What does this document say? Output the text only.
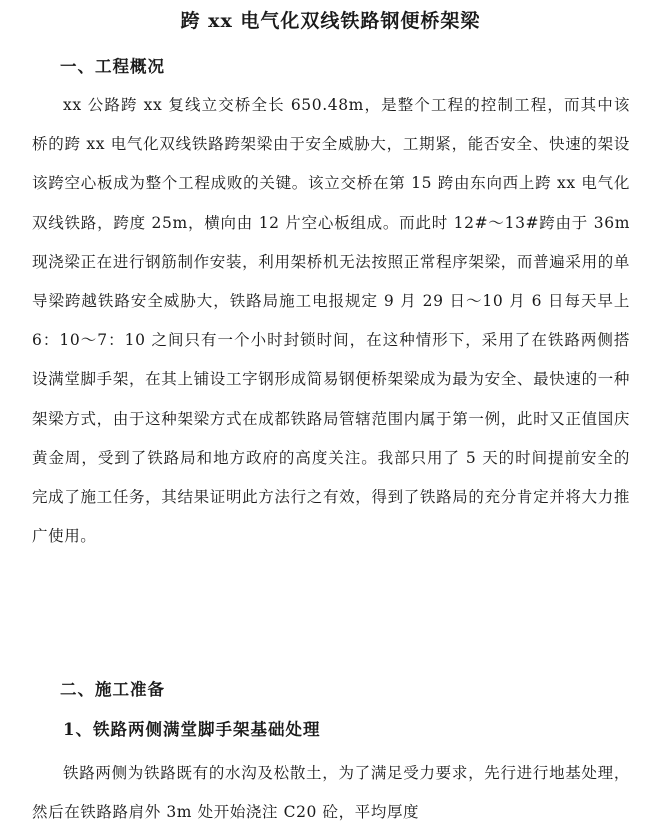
跨 xx 电气化双线铁路钢便桥架梁
一、工程概况

xx 公路跨 xx 复线立交桥全长 650.48m，是整个工程的控制工程，而其中该桥的跨 xx 电气化双线铁路跨架梁由于安全威胁大，工期紧，能否安全、快速的架设该跨空心板成为整个工程成败的关键。该立交桥在第 15 跨由东向西上跨 xx 电气化双线铁路，跨度 25m，横向由 12 片空心板组成。而此时 12#～13#跨由于 36m 现浇梁正在进行钢筋制作安装，利用架桥机无法按照正常程序架梁，而普遍采用的单导梁跨越铁路安全威胁大，铁路局施工电报规定 9 月 29 日～10 月 6 日每天早上 6：10～7：10 之间只有一个小时封锁时间，在这种情形下，采用了在铁路两侧搭设满堂脚手架，在其上铺设工字钢形成简易钢便桥架梁成为最为安全、最快速的一种架梁方式，由于这种架梁方式在成都铁路局管辖范围内属于第一例，此时又正值国庆黄金周，受到了铁路局和地方政府的高度关注。我部只用了 5 天的时间提前安全的完成了施工任务，其结果证明此方法行之有效，得到了铁路局的充分肯定并将大力推广使用。

二、施工准备
1、铁路两侧满堂脚手架基础处理

铁路两侧为铁路既有的水沟及松散土，为了满足受力要求，先行进行地基处理，然后在铁路路肩外 3m 处开始浇注 C20 砼，平均厚度
